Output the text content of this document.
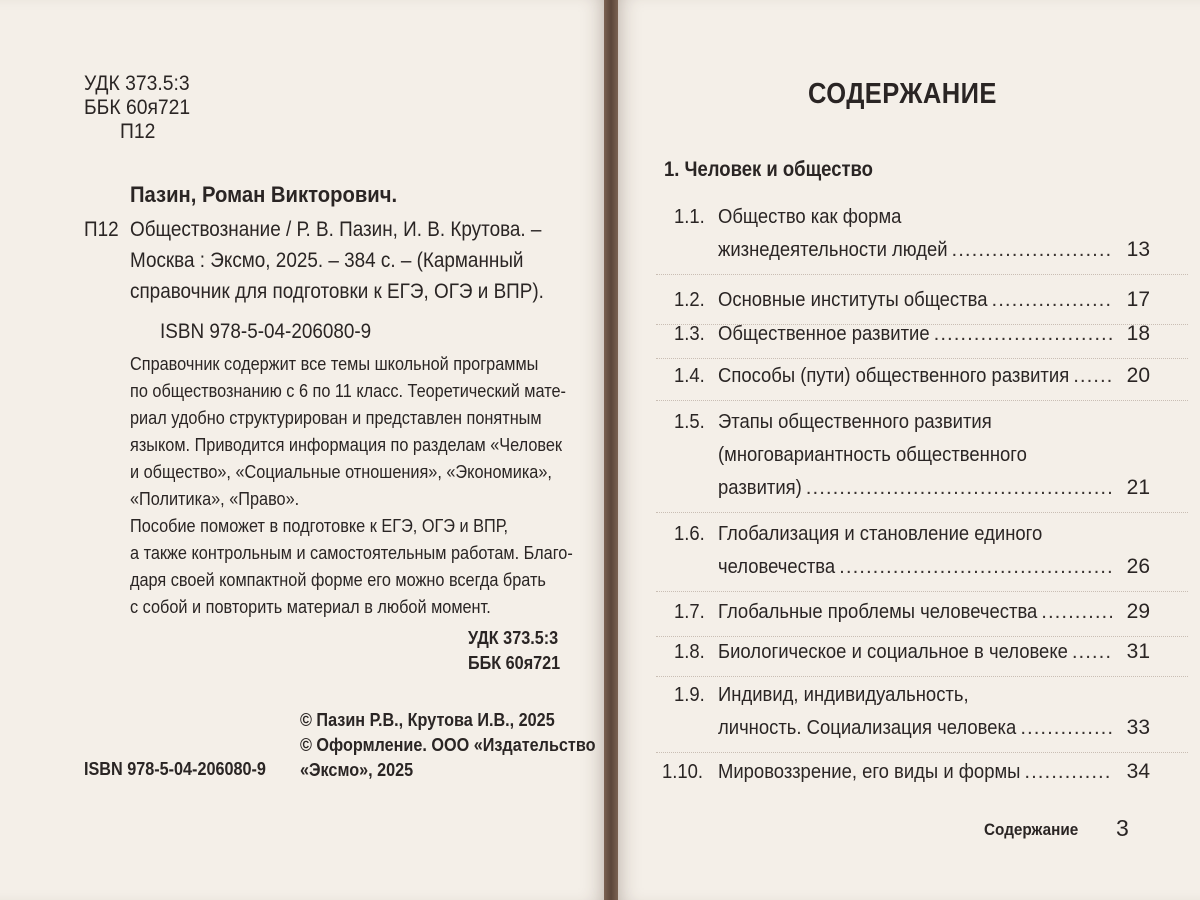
УДК 373.5:3
ББК 60я721
П12
Пазин, Роман Викторович.
П12 Обществознание / Р. В. Пазин, И. В. Крутова. –
Москва : Эксмо, 2025. – 384 с. – (Карманный
справочник для подготовки к ЕГЭ, ОГЭ и ВПР).
ISBN 978-5-04-206080-9
Справочник содержит все темы школьной программы
по обществознанию с 6 по 11 класс. Теоретический мате-
риал удобно структурирован и представлен понятным
языком. Приводится информация по разделам «Человек
и общество», «Социальные отношения», «Экономика»,
«Политика», «Право».
Пособие поможет в подготовке к ЕГЭ, ОГЭ и ВПР,
а также контрольным и самостоятельным работам. Благо-
даря своей компактной форме его можно всегда брать
с собой и повторить материал в любой момент.
УДК 373.5:3
ББК 60я721
© Пазин Р.В., Крутова И.В., 2025
© Оформление. ООО «Издательство
«Эксмо», 2025
ISBN 978-5-04-206080-9
СОДЕРЖАНИЕ
1. Человек и общество
1.1. Общество как форма
жизнедеятельности людей .....	13
1.2. Основные институты общества .....	17
1.3. Общественное развитие .....	18
1.4. Способы (пути) общественного развития .....	20
1.5. Этапы общественного развития
(многовариантность общественного
развития) .....	21
1.6. Глобализация и становление единого
человечества .....	26
1.7. Глобальные проблемы человечества .....	29
1.8. Биологическое и социальное в человеке .....	31
1.9. Индивид, индивидуальность,
личность. Социализация человека .....	33
1.10. Мировоззрение, его виды и формы .....	34
Содержание	3
